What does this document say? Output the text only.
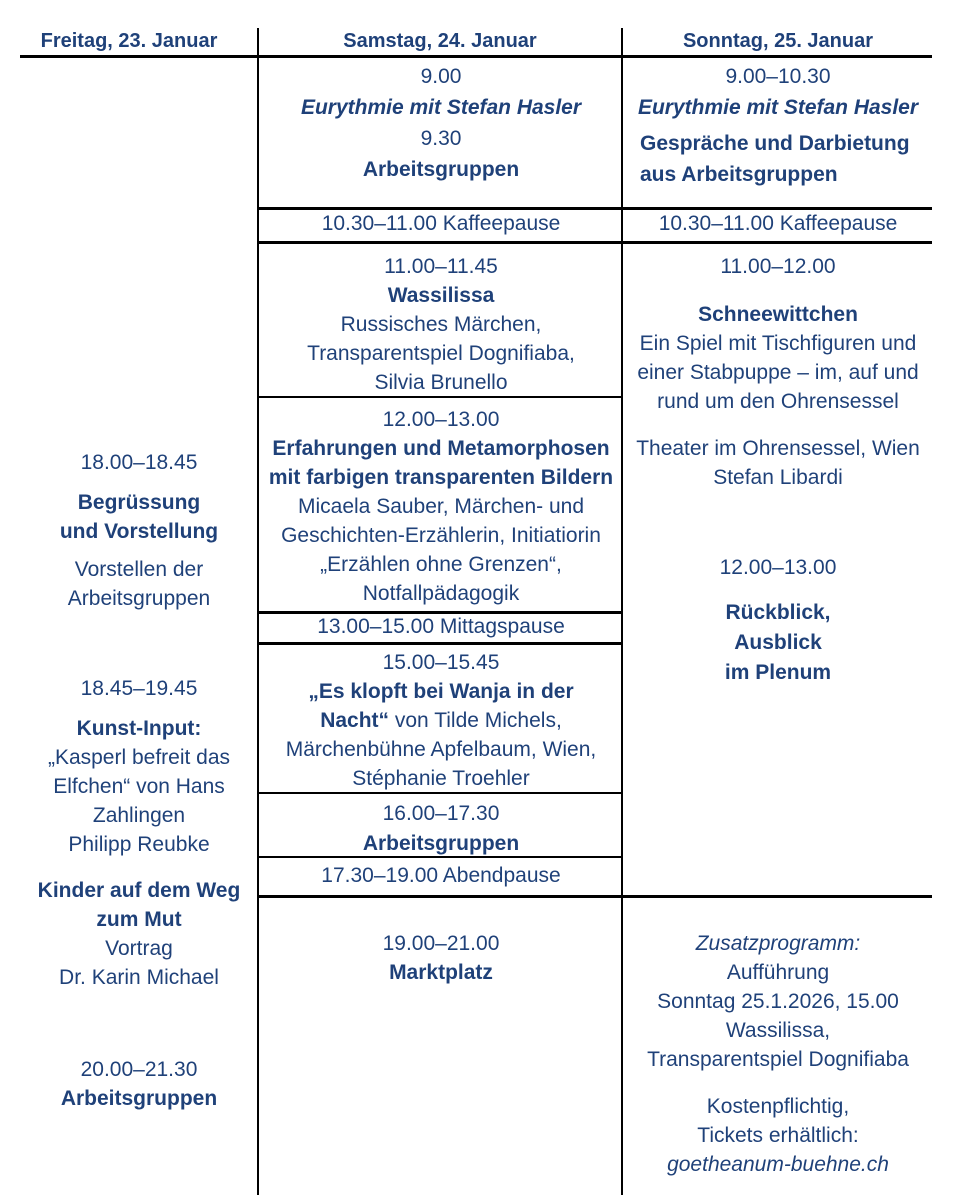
Freitag, 23. Januar	Samstag, 24. Januar	Sonntag, 25. Januar
18.00–18.45
Begrüssung
und Vorstellung
Vorstellen der
Arbeitsgruppen
18.45–19.45
Kunst-Input:
„Kasperl befreit das
Elfchen“ von Hans
Zahlingen
Philipp Reubke
Kinder auf dem Weg
zum Mut
Vortrag
Dr. Karin Michael
20.00–21.30
Arbeitsgruppen
9.00
Eurythmie mit Stefan Hasler
9.30
Arbeitsgruppen
10.30–11.00 Kaffeepause
11.00–11.45
Wassilissa
Russisches Märchen,
Transparentspiel Dognifiaba,
Silvia Brunello
12.00–13.00
Erfahrungen und Metamorphosen
mit farbigen transparenten Bildern
Micaela Sauber, Märchen- und
Geschichten-Erzählerin, Initiatiorin
„Erzählen ohne Grenzen“,
Notfallpädagogik
13.00–15.00 Mittagspause
15.00–15.45
„Es klopft bei Wanja in der
Nacht“ von Tilde Michels,
Märchenbühne Apfelbaum, Wien,
Stéphanie Troehler
16.00–17.30
Arbeitsgruppen
17.30–19.00 Abendpause
19.00–21.00
Marktplatz
9.00–10.30
Eurythmie mit Stefan Hasler
Gespräche und Darbietung
aus Arbeitsgruppen
10.30–11.00 Kaffeepause
11.00–12.00
Schneewittchen
Ein Spiel mit Tischfiguren und
einer Stabpuppe – im, auf und
rund um den Ohrensessel
Theater im Ohrensessel, Wien
Stefan Libardi
12.00–13.00
Rückblick,
Ausblick
im Plenum
Zusatzprogramm:
Aufführung
Sonntag 25.1.2026, 15.00
Wassilissa,
Transparentspiel Dognifiaba
Kostenpflichtig,
Tickets erhältlich:
goetheanum-buehne.ch
